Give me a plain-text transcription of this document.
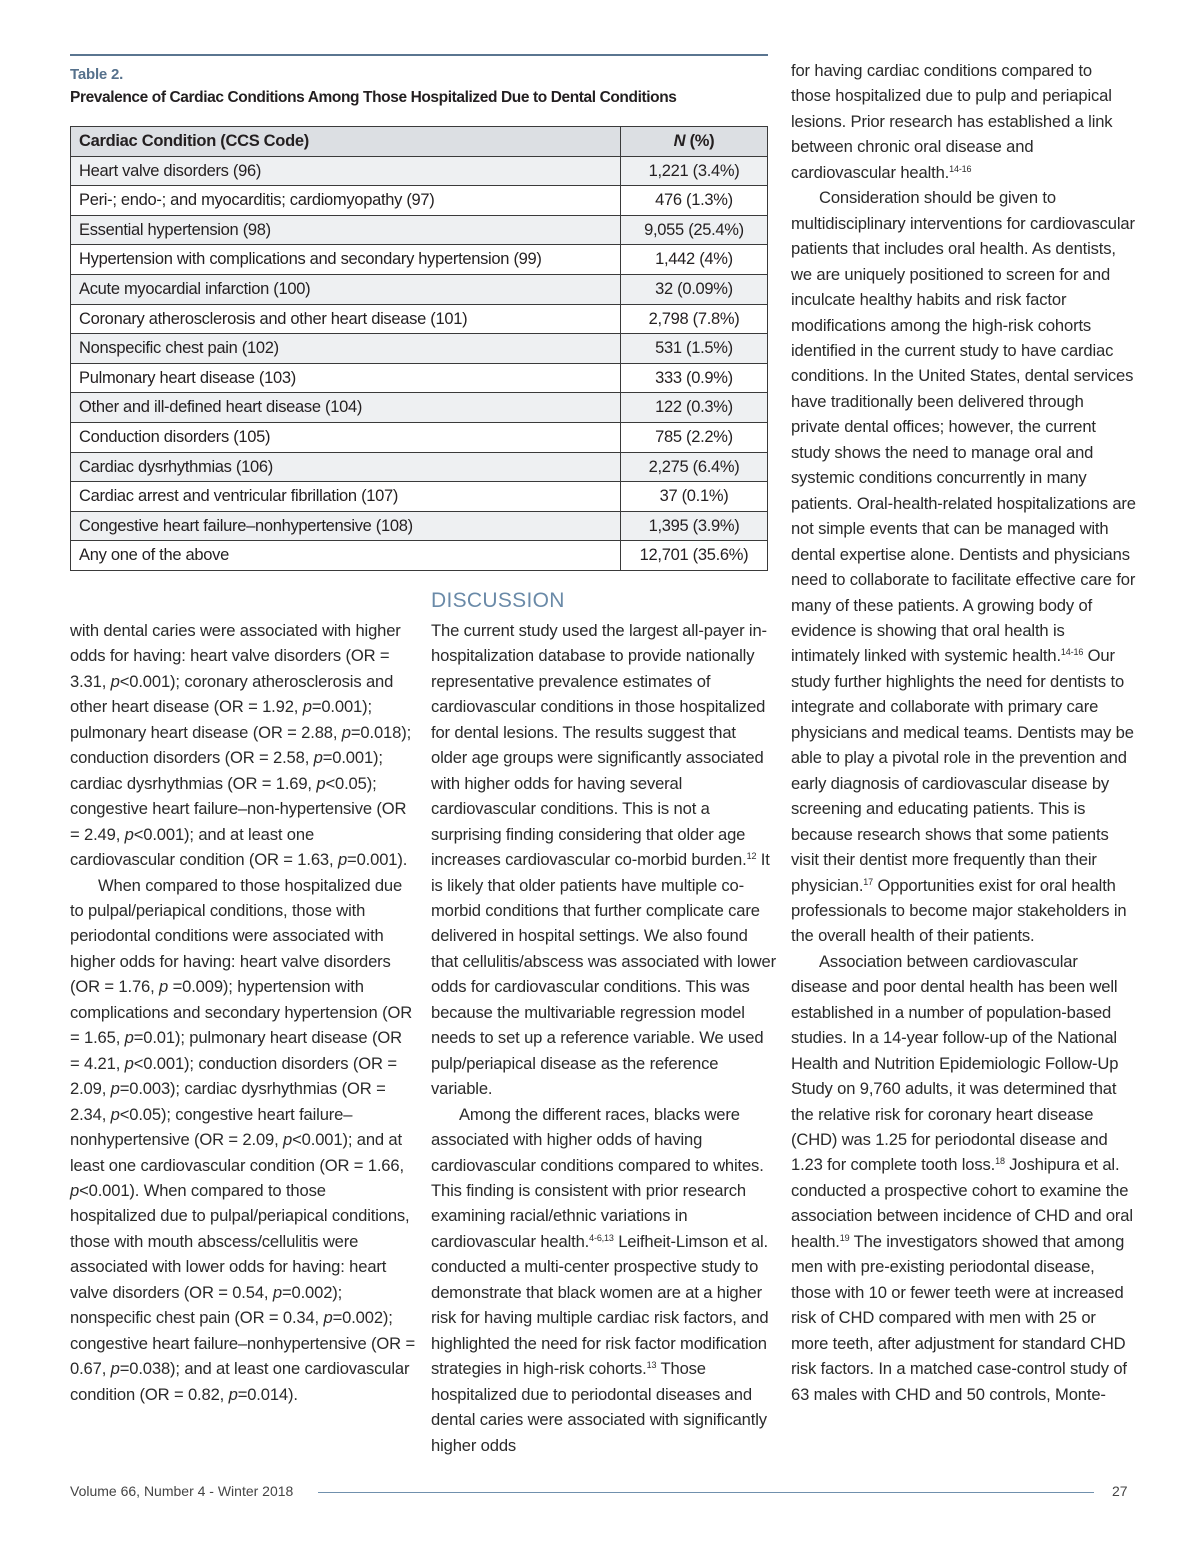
Table 2.
Prevalence of Cardiac Conditions Among Those Hospitalized Due to Dental Conditions
Cardiac Condition (CCS Code)	N (%)
Heart valve disorders (96)	1,221 (3.4%)
Peri-; endo-; and myocarditis; cardiomyopathy (97)	476 (1.3%)
Essential hypertension (98)	9,055 (25.4%)
Hypertension with complications and secondary hypertension (99)	1,442 (4%)
Acute myocardial infarction (100)	32 (0.09%)
Coronary atherosclerosis and other heart disease (101)	2,798 (7.8%)
Nonspecific chest pain (102)	531 (1.5%)
Pulmonary heart disease (103)	333 (0.9%)
Other and ill-defined heart disease (104)	122 (0.3%)
Conduction disorders (105)	785 (2.2%)
Cardiac dysrhythmias (106)	2,275 (6.4%)
Cardiac arrest and ventricular fibrillation (107)	37 (0.1%)
Congestive heart failure–nonhypertensive (108)	1,395 (3.9%)
Any one of the above	12,701 (35.6%)

with dental caries were associated with higher odds for having: heart valve disorders (OR = 3.31, p<0.001); coronary atherosclerosis and other heart disease (OR = 1.92, p=0.001); pulmonary heart disease (OR = 2.88, p=0.018); conduction disorders (OR = 2.58, p=0.001); cardiac dysrhythmias (OR = 1.69, p<0.05); congestive heart failure–non-hypertensive (OR = 2.49, p<0.001); and at least one cardiovascular condition (OR = 1.63, p=0.001).

When compared to those hospitalized due to pulpal/periapical conditions, those with periodontal conditions were associated with higher odds for having: heart valve disorders (OR = 1.76, p =0.009); hypertension with complications and secondary hypertension (OR = 1.65, p=0.01); pulmonary heart disease (OR = 4.21, p<0.001); conduction disorders (OR = 2.09, p=0.003); cardiac dysrhythmias (OR = 2.34, p<0.05); congestive heart failure–nonhypertensive (OR = 2.09, p<0.001); and at least one cardiovascular condition (OR = 1.66, p<0.001). When compared to those hospitalized due to pulpal/periapical conditions, those with mouth abscess/cellulitis were associated with lower odds for having: heart valve disorders (OR = 0.54, p=0.002); nonspecific chest pain (OR = 0.34, p=0.002); congestive heart failure–nonhypertensive (OR = 0.67, p=0.038); and at least one cardiovascular condition (OR = 0.82, p=0.014).

DISCUSSION

The current study used the largest all-payer in-hospitalization database to provide nationally representative prevalence estimates of cardiovascular conditions in those hospitalized for dental lesions. The results suggest that older age groups were significantly associated with higher odds for having several cardiovascular conditions. This is not a surprising finding considering that older age increases cardiovascular co-morbid burden.$^{12}$ It is likely that older patients have multiple co-morbid conditions that further complicate care delivered in hospital settings. We also found that cellulitis/abscess was associated with lower odds for cardiovascular conditions. This was because the multivariable regression model needs to set up a reference variable. We used pulp/periapical disease as the reference variable.

Among the different races, blacks were associated with higher odds of having cardiovascular conditions compared to whites. This finding is consistent with prior research examining racial/ethnic variations in cardiovascular health.$^{4-6,13}$ Leifheit-Limson et al. conducted a multi-center prospective study to demonstrate that black women are at a higher risk for having multiple cardiac risk factors, and highlighted the need for risk factor modification strategies in high-risk cohorts.$^{13}$ Those hospitalized due to periodontal diseases and dental caries were associated with significantly higher odds

for having cardiac conditions compared to those hospitalized due to pulp and periapical lesions. Prior research has established a link between chronic oral disease and cardiovascular health.$^{14-16}$

Consideration should be given to multidisciplinary interventions for cardiovascular patients that includes oral health. As dentists, we are uniquely positioned to screen for and inculcate healthy habits and risk factor modifications among the high-risk cohorts identified in the current study to have cardiac conditions. In the United States, dental services have traditionally been delivered through private dental offices; however, the current study shows the need to manage oral and systemic conditions concurrently in many patients. Oral-health-related hospitalizations are not simple events that can be managed with dental expertise alone. Dentists and physicians need to collaborate to facilitate effective care for many of these patients. A growing body of evidence is showing that oral health is intimately linked with systemic health.$^{14-16}$ Our study further highlights the need for dentists to integrate and collaborate with primary care physicians and medical teams. Dentists may be able to play a pivotal role in the prevention and early diagnosis of cardiovascular disease by screening and educating patients. This is because research shows that some patients visit their dentist more frequently than their physician.$^{17}$ Opportunities exist for oral health professionals to become major stakeholders in the overall health of their patients.

Association between cardiovascular disease and poor dental health has been well established in a number of population-based studies. In a 14-year follow-up of the National Health and Nutrition Epidemiologic Follow-Up Study on 9,760 adults, it was determined that the relative risk for coronary heart disease (CHD) was 1.25 for periodontal disease and 1.23 for complete tooth loss.$^{18}$ Joshipura et al. conducted a prospective cohort to examine the association between incidence of CHD and oral health.$^{19}$ The investigators showed that among men with pre-existing periodontal disease, those with 10 or fewer teeth were at increased risk of CHD compared with men with 25 or more teeth, after adjustment for standard CHD risk factors. In a matched case-control study of 63 males with CHD and 50 controls, Monte-

Volume 66, Number 4 - Winter 2018	27
